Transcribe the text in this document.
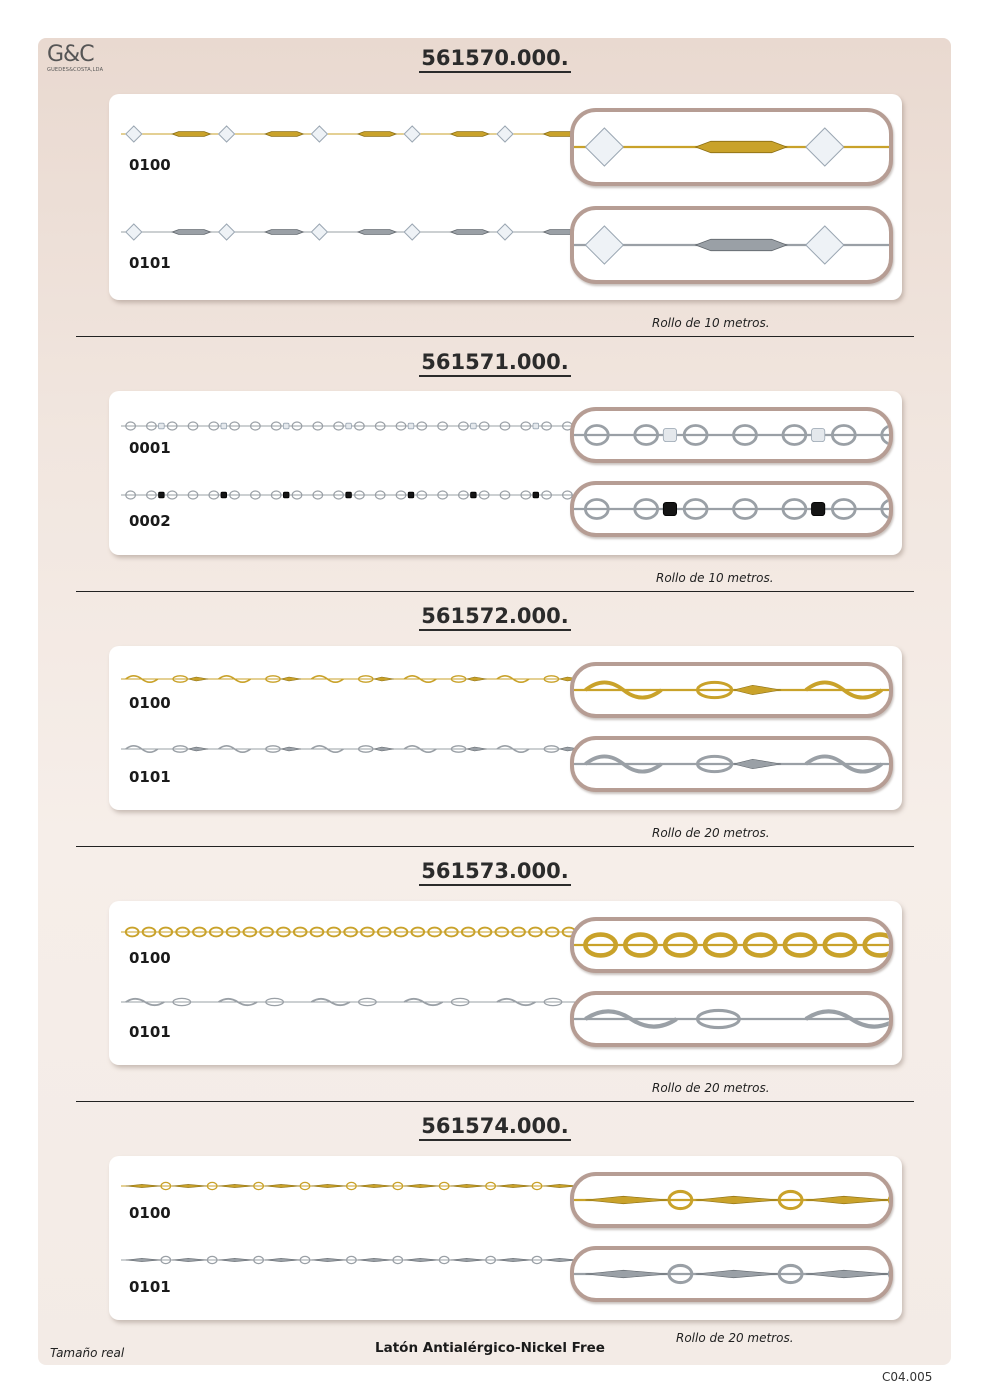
G&C
GUEDES&COSTA,LDA	561570.000.
0100
0101
Rollo de 10 metros.
561571.000.
0001
0002
Rollo de 10 metros.
561572.000.
0100
0101
Rollo de 20 metros.
561573.000.
0100
0101
Rollo de 20 metros.
561574.000.
0100
0101
Rollo de 20 metros.
Tamaño real	Latón Antialérgico-Nickel Free
C04.005
